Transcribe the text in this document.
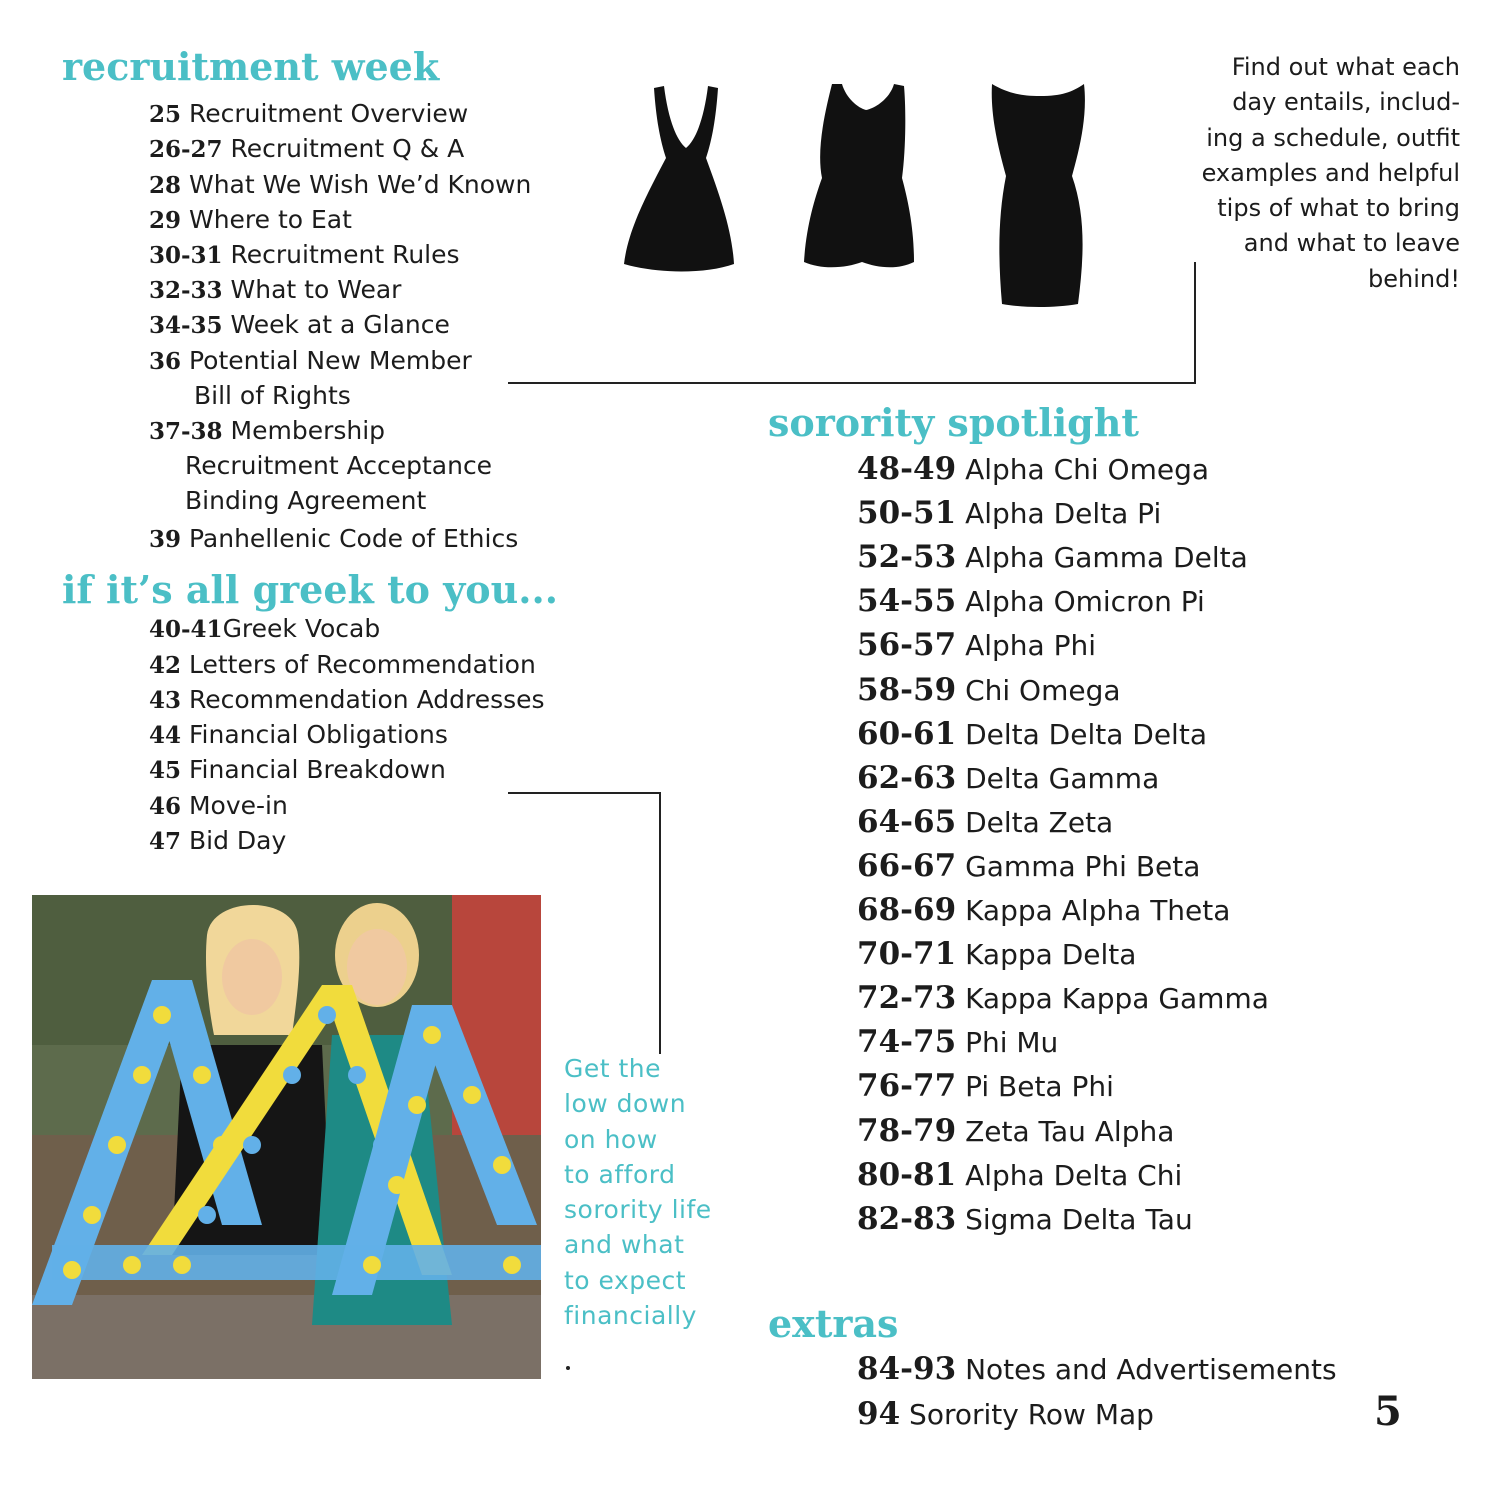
recruitment week
if it’s all greek to you...
sorority spotlight
extras
25 Recruitment Overview
26-27 Recruitment Q & A
28 What We Wish We’d Known
29 Where to Eat
30-31 Recruitment Rules
32-33 What to Wear
34-35 Week at a Glance
36 Potential New Member
Bill of Rights
37-38 Membership
Recruitment Acceptance
Binding Agreement
39 Panhellenic Code of Ethics
40-41Greek Vocab
42 Letters of Recommendation
43 Recommendation Addresses
44 Financial Obligations
45 Financial Breakdown
46 Move-in
47 Bid Day
48-49 Alpha Chi Omega
50-51 Alpha Delta Pi
52-53 Alpha Gamma Delta
54-55 Alpha Omicron Pi
56-57 Alpha Phi
58-59 Chi Omega
60-61 Delta Delta Delta
62-63 Delta Gamma
64-65 Delta Zeta
66-67 Gamma Phi Beta
68-69 Kappa Alpha Theta
70-71 Kappa Delta
72-73 Kappa Kappa Gamma
74-75 Phi Mu
76-77 Pi Beta Phi
78-79 Zeta Tau Alpha
80-81 Alpha Delta Chi
82-83 Sigma Delta Tau
84-93 Notes and Advertisements
94 Sorority Row Map
Find out what each
day entails, includ-
ing a schedule, outfit
examples and helpful
tips of what to bring
and what to leave
behind!
Get the
low down
on how
to afford
sorority life
and what
to expect
financially
5
